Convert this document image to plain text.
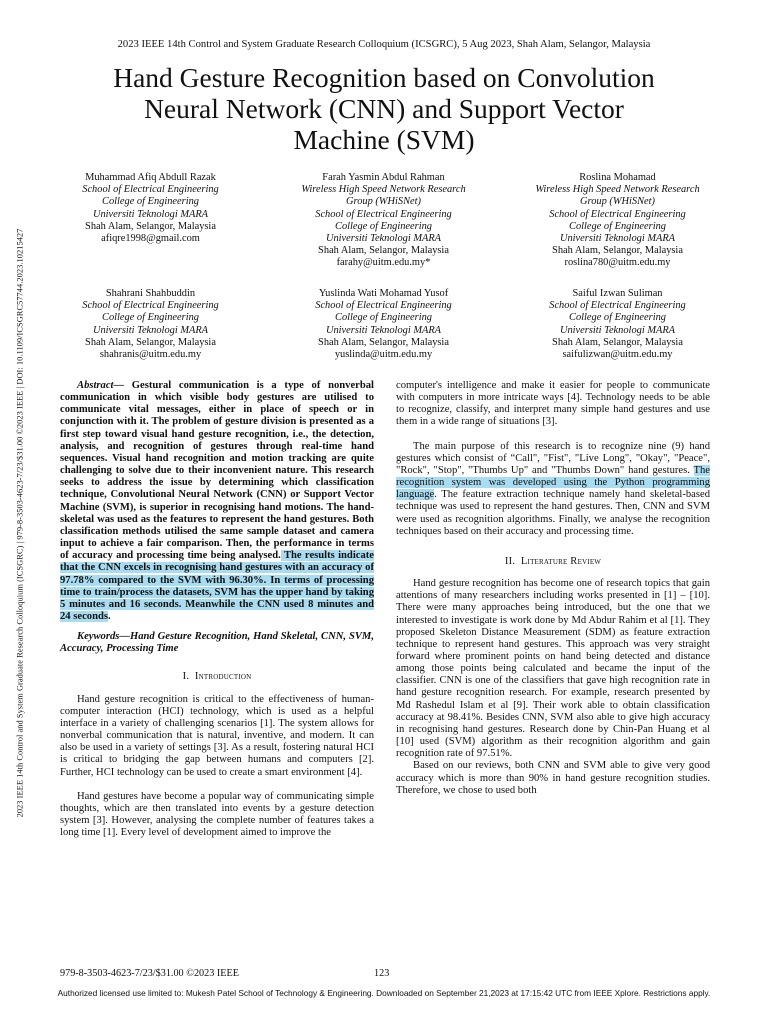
2023 IEEE 14th Control and System Graduate Research Colloquium (ICSGRC), 5 Aug 2023, Shah Alam, Selangor, Malaysia
Hand Gesture Recognition based on Convolution
Neural Network (CNN) and Support Vector
Machine (SVM)
Muhammad Afiq Abdull Razak
School of Electrical Engineering
College of Engineering
Universiti Teknologi MARA
Shah Alam, Selangor, Malaysia
afiqre1998@gmail.com
Farah Yasmin Abdul Rahman
Wireless High Speed Network Research
Group (WHiSNet)
School of Electrical Engineering
College of Engineering
Universiti Teknologi MARA
Shah Alam, Selangor, Malaysia
farahy@uitm.edu.my*
Roslina Mohamad
Wireless High Speed Network Research
Group (WHiSNet)
School of Electrical Engineering
College of Engineering
Universiti Teknologi MARA
Shah Alam, Selangor, Malaysia
roslina780@uitm.edu.my
Shahrani Shahbuddin
School of Electrical Engineering
College of Engineering
Universiti Teknologi MARA
Shah Alam, Selangor, Malaysia
shahranis@uitm.edu.my
Yuslinda Wati Mohamad Yusof
School of Electrical Engineering
College of Engineering
Universiti Teknologi MARA
Shah Alam, Selangor, Malaysia
yuslinda@uitm.edu.my
Saiful Izwan Suliman
School of Electrical Engineering
College of Engineering
Universiti Teknologi MARA
Shah Alam, Selangor, Malaysia
saifulizwan@uitm.edu.my
2023 IEEE 14th Control and System Graduate Research Colloquium (ICSGRC) | 979-8-3503-4623-7/23/$31.00 ©2023 IEEE | DOI: 10.1109/ICSGRC57744.2023.10215427	Abstract— Gestural communication is a type of nonverbal communication in which visible body gestures are utilised to communicate vital messages, either in place of speech or in conjunction with it. The problem of gesture division is presented as a first step toward visual hand gesture recognition, i.e., the detection, analysis, and recognition of gestures through real-time hand sequences. Visual hand recognition and motion tracking are quite challenging to solve due to their inconvenient nature. This research seeks to address the issue by determining which classification technique, Convolutional Neural Network (CNN) or Support Vector Machine (SVM), is superior in recognising hand motions. The hand-skeletal was used as the features to represent the hand gestures. Both classification methods utilised the same sample dataset and camera input to achieve a fair comparison. Then, the performance in terms of accuracy and processing time being analysed. The results indicate that the CNN excels in recognising hand gestures with an accuracy of 97.78% compared to the SVM with 96.30%. In terms of processing time to train/process the datasets, SVM has the upper hand by taking 5 minutes and 16 seconds. Meanwhile the CNN used 8 minutes and 24 seconds.

Keywords—Hand Gesture Recognition, Hand Skeletal, CNN, SVM, Accuracy, Processing Time

I. Introduction

Hand gesture recognition is critical to the effectiveness of human-computer interaction (HCI) technology, which is used as a helpful interface in a variety of challenging scenarios [1]. The system allows for nonverbal communication that is natural, inventive, and modern. It can also be used in a variety of settings [3]. As a result, fostering natural HCI is critical to bridging the gap between humans and computers [2]. Further, HCI technology can be used to create a smart environment [4].

Hand gestures have become a popular way of communicating simple thoughts, which are then translated into events by a gesture detection system [3]. However, analysing the complete number of features takes a long time [1]. Every level of development aimed to improve the

computer's intelligence and make it easier for people to communicate with computers in more intricate ways [4]. Technology needs to be able to recognize, classify, and interpret many simple hand gestures and use them in a wide range of situations [3].

The main purpose of this research is to recognize nine (9) hand gestures which consist of “Call", "Fist", "Live Long", "Okay", "Peace", "Rock", "Stop", "Thumbs Up" and "Thumbs Down" hand gestures. The recognition system was developed using the Python programming language. The feature extraction technique namely hand skeletal-based technique was used to represent the hand gestures. Then, CNN and SVM were used as recognition algorithms. Finally, we analyse the recognition techniques based on their accuracy and processing time.

II. Literature Review

Hand gesture recognition has become one of research topics that gain attentions of many researchers including works presented in [1] – [10]. There were many approaches being introduced, but the one that we interested to investigate is work done by Md Abdur Rahim et al [1]. They proposed Skeleton Distance Measurement (SDM) as feature extraction technique to represent hand gestures. This approach was very straight forward where prominent points on hand being detected and distance among those points being calculated and became the input of the classifier. CNN is one of the classifiers that gave high recognition rate in hand gesture recognition research. For example, research presented by Md Rashedul Islam et al [9]. Their work able to obtain classification accuracy at 98.41%. Besides CNN, SVM also able to give high accuracy in recognising hand gestures. Research done by Chin-Pan Huang et al [10] used (SVM) algorithm as their recognition algorithm and gain recognition rate of 97.51%.

Based on our reviews, both CNN and SVM able to give very good accuracy which is more than 90% in hand gesture recognition studies. Therefore, we chose to used both

979-8-3503-4623-7/23/$31.00 ©2023 IEEE	123
Authorized licensed use limited to: Mukesh Patel School of Technology & Engineering. Downloaded on September 21,2023 at 17:15:42 UTC from IEEE Xplore. Restrictions apply.
